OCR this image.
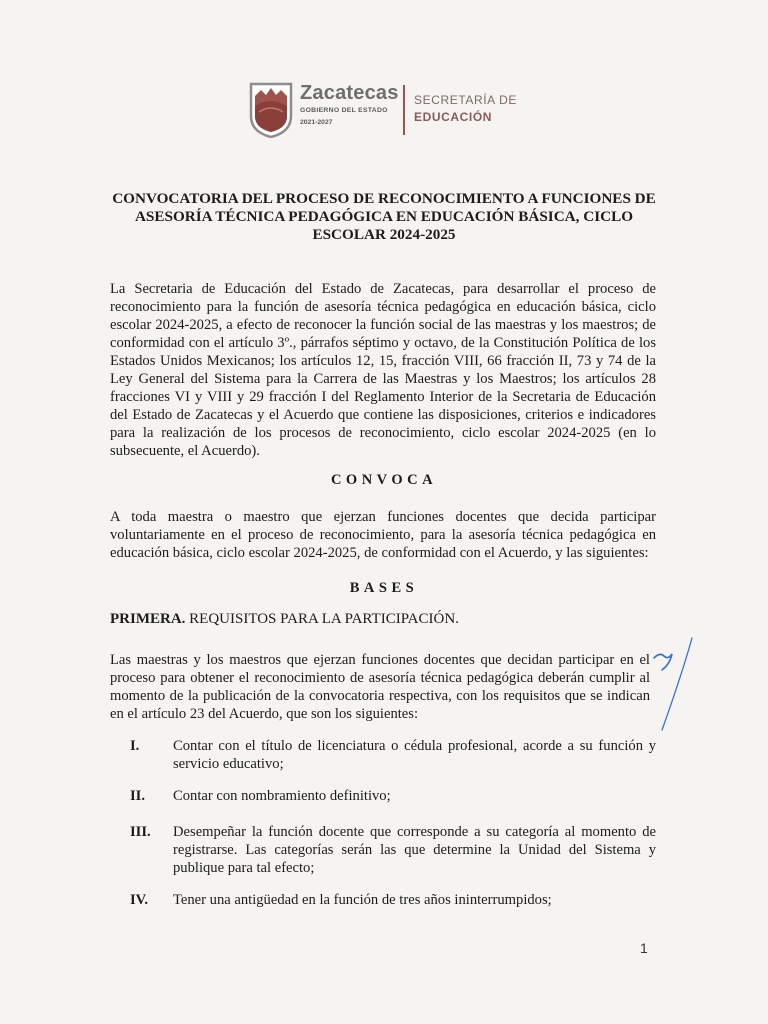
Zacatecas
GOBIERNO DEL ESTADO
2021-2027
SECRETARÍA DE
EDUCACIÓN
CONVOCATORIA DEL PROCESO DE RECONOCIMIENTO A FUNCIONES DE ASESORÍA TÉCNICA PEDAGÓGICA EN EDUCACIÓN BÁSICA, CICLO ESCOLAR 2024-2025
La Secretaria de Educación del Estado de Zacatecas, para desarrollar el proceso de reconocimiento para la función de asesoría técnica pedagógica en educación básica, ciclo escolar 2024-2025, a efecto de reconocer la función social de las maestras y los maestros; de conformidad con el artículo 3º., párrafos séptimo y octavo, de la Constitución Política de los Estados Unidos Mexicanos; los artículos 12, 15, fracción VIII, 66 fracción II, 73 y 74 de la Ley General del Sistema para la Carrera de las Maestras y los Maestros; los artículos 28 fracciones VI y VIII y 29 fracción I del Reglamento Interior de la Secretaria de Educación del Estado de Zacatecas y el Acuerdo que contiene las disposiciones, criterios e indicadores para la realización de los procesos de reconocimiento, ciclo escolar 2024-2025 (en lo subsecuente, el Acuerdo).
CONVOCA
A toda maestra o maestro que ejerzan funciones docentes que decida participar voluntariamente en el proceso de reconocimiento, para la asesoría técnica pedagógica en educación básica, ciclo escolar 2024-2025, de conformidad con el Acuerdo, y las siguientes:
BASES
PRIMERA. REQUISITOS PARA LA PARTICIPACIÓN.
Las maestras y los maestros que ejerzan funciones docentes que decidan participar en el proceso para obtener el reconocimiento de asesoría técnica pedagógica deberán cumplir al momento de la publicación de la convocatoria respectiva, con los requisitos que se indican en el artículo 23 del Acuerdo, que son los siguientes:
I. Contar con el título de licenciatura o cédula profesional, acorde a su función y servicio educativo;
II. Contar con nombramiento definitivo;
III. Desempeñar la función docente que corresponde a su categoría al momento de registrarse. Las categorías serán las que determine la Unidad del Sistema y publique para tal efecto;
IV. Tener una antigüedad en la función de tres años ininterrumpidos;
1
